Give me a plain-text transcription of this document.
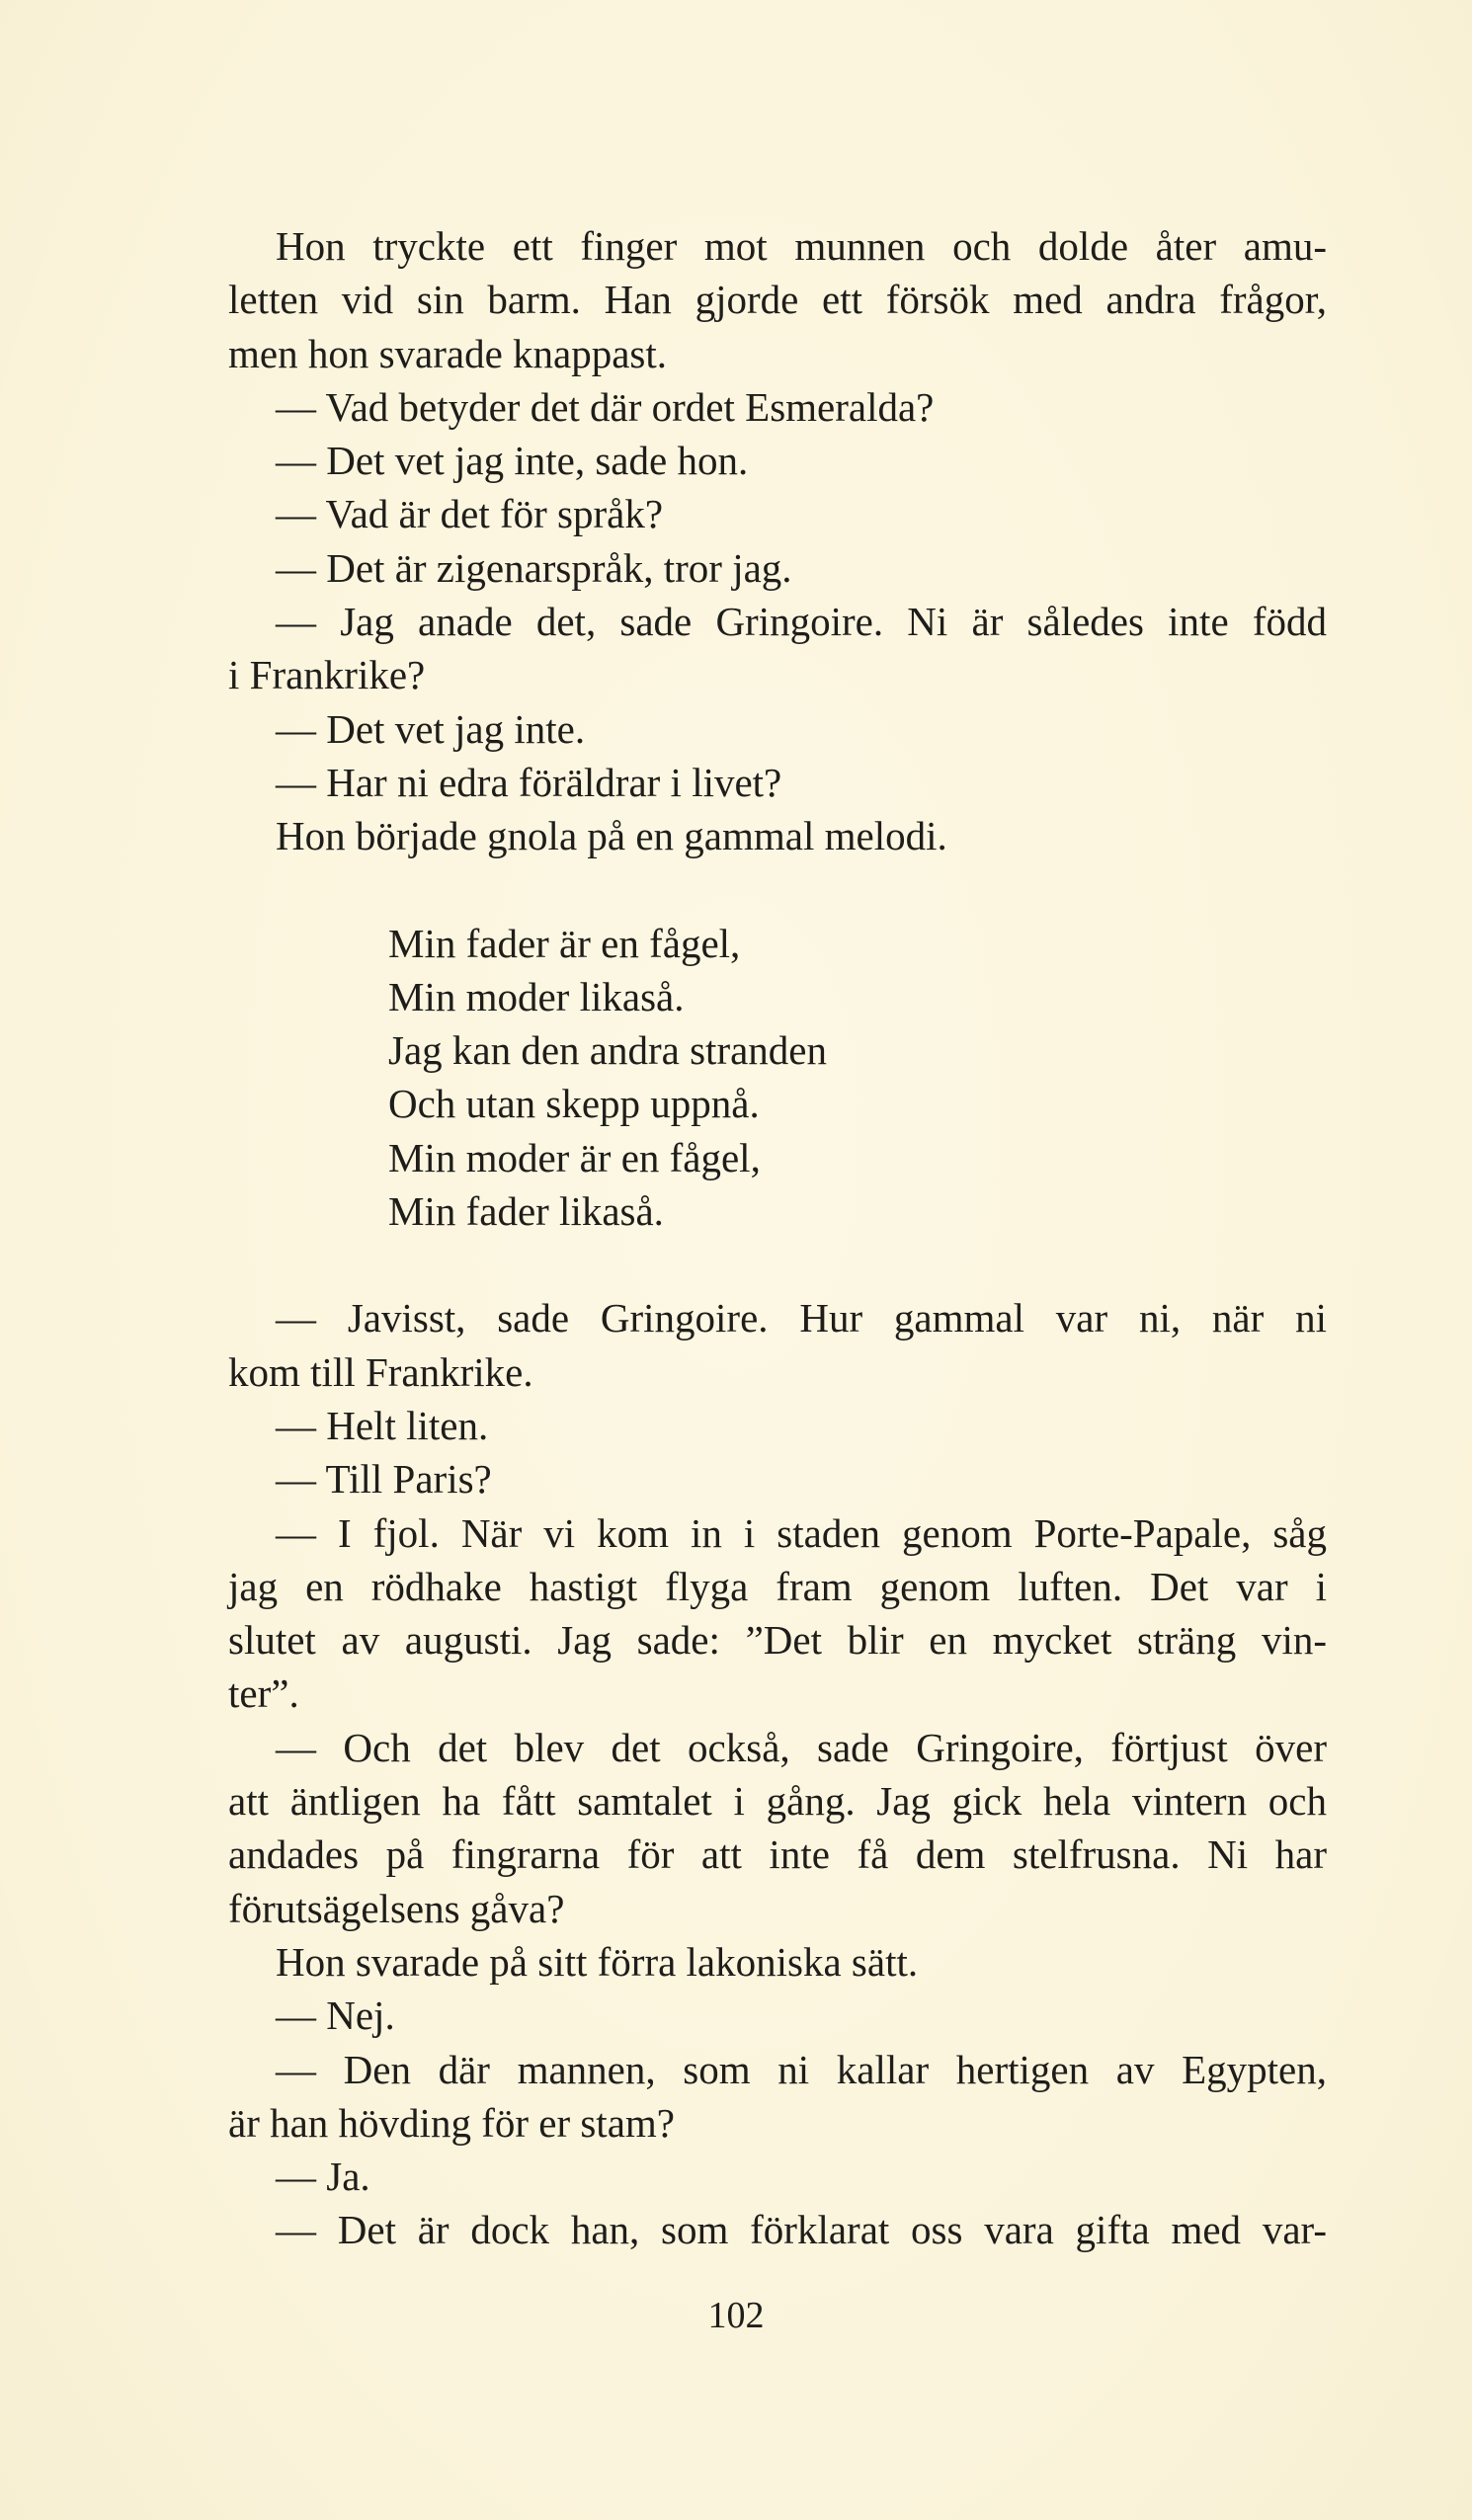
Hon tryckte ett finger mot munnen och dolde åter amu-
letten vid sin barm. Han gjorde ett försök med andra frågor,
men hon svarade knappast.
— Vad betyder det där ordet Esmeralda?
— Det vet jag inte, sade hon.
— Vad är det för språk?
— Det är zigenarspråk, tror jag.
— Jag anade det, sade Gringoire. Ni är således inte född
i Frankrike?
— Det vet jag inte.
— Har ni edra föräldrar i livet?
Hon började gnola på en gammal melodi.
Min fader är en fågel,
Min moder likaså.
Jag kan den andra stranden
Och utan skepp uppnå.
Min moder är en fågel,
Min fader likaså.
— Javisst, sade Gringoire. Hur gammal var ni, när ni
kom till Frankrike.
— Helt liten.
— Till Paris?
— I fjol. När vi kom in i staden genom Porte-Papale, såg
jag en rödhake hastigt flyga fram genom luften. Det var i
slutet av augusti. Jag sade: ”Det blir en mycket sträng vin-
ter”.
— Och det blev det också, sade Gringoire, förtjust över
att äntligen ha fått samtalet i gång. Jag gick hela vintern och
andades på fingrarna för att inte få dem stelfrusna. Ni har
förutsägelsens gåva?
Hon svarade på sitt förra lakoniska sätt.
— Nej.
— Den där mannen, som ni kallar hertigen av Egypten,
är han hövding för er stam?
— Ja.
— Det är dock han, som förklarat oss vara gifta med var-
102
